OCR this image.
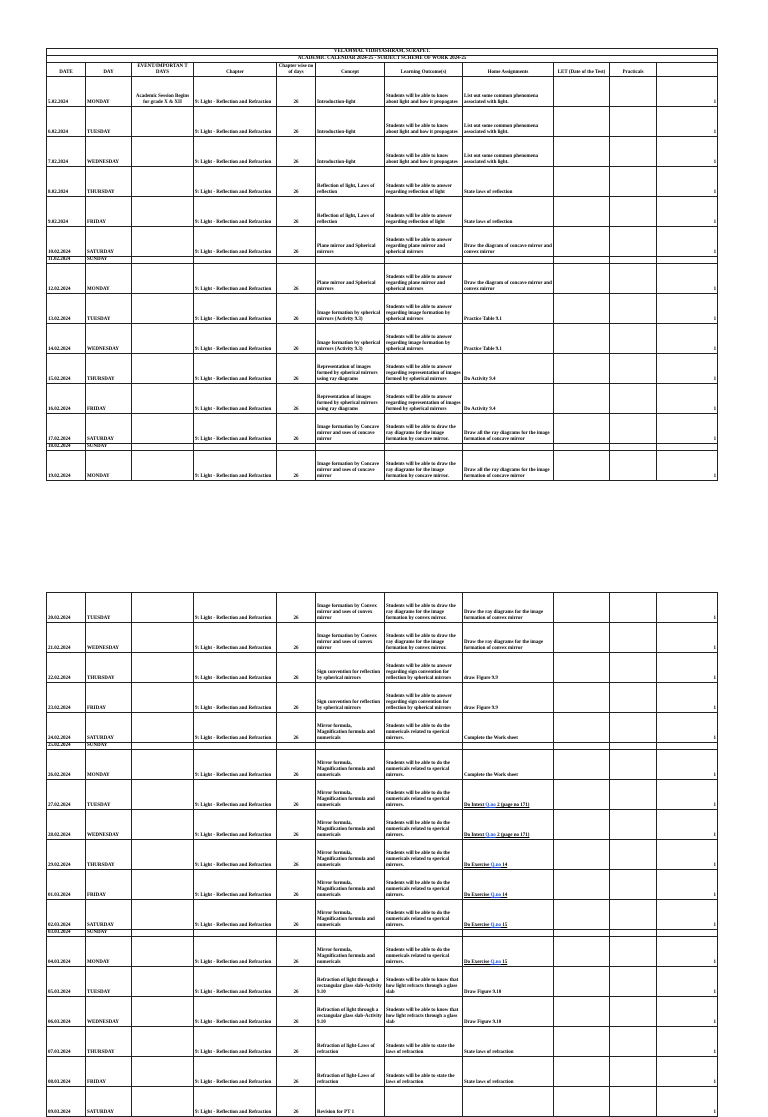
VELAMMAL VIDHYASHRAM, SURAPET.										
ACADEMIC CALENDAR 2024-25 - SUBJECT SCHEME OF WORK 2024-25										
DATE	DAY	EVENT/IMPORTAN T DAYS	Chapter	Chapter wise no of days	Concept	Learning Outcome(s)	Home Assignments	LET (Date of the Test)	Practicals	
5.02.2024	MONDAY	Academic Session Begins for grade X & XII	9: Light - Reflection and Refraction	26	Introduction-light	Students will be able to know about light and how it propagates	List out some common phenomena associated with light.			1
6.02.2024	TUESDAY		9: Light - Reflection and Refraction	26	Introduction-light	Students will be able to know about light and how it propagates	List out some common phenomena associated with light.			1
7.02.2024	WEDNESDAY		9: Light - Reflection and Refraction	26	Introduction-light	Students will be able to know about light and how it propagates	List out some common phenomena associated with light.			1
8.02.2024	THURSDAY		9: Light - Reflection and Refraction	26	Reflection of light, Laws of reflection	Students will be able to answer regarding reflection of light	State laws of reflection			1
9.02.2024	FRIDAY		9: Light - Reflection and Refraction	26	Reflection of light, Laws of reflection	Students will be able to answer regarding reflection of light	State laws of reflection			1
10.02.2024	SATURDAY		9: Light - Reflection and Refraction	26	Plane mirror and Spherical mirrors	Students will be able to answer regarding plane mirror and spherical mirrors	Draw the diagram of concave mirror and convex mirror			1
11.02.2024	SUNDAY									
12.02.2024	MONDAY		9: Light - Reflection and Refraction	26	Plane mirror and Spherical mirrors	Students will be able to answer regarding plane mirror and spherical mirrors	Draw the diagram of concave mirror and convex mirror			1
13.02.2024	TUESDAY		9: Light - Reflection and Refraction	26	Image formation by spherical mirrors (Activity 9.3)	Students will be able to answer regarding image formation by spherical mirrors	Practice Table 9.1			1
14.02.2024	WEDNESDAY		9: Light - Reflection and Refraction	26	Image formation by spherical mirrors (Activity 9.3)	Students will be able to answer regarding image formation by spherical mirrors	Practice Table 9.1			1
15.02.2024	THURSDAY		9: Light - Reflection and Refraction	26	Representation of images formed by spherical mirrors using ray diagrams	Students will be able to answer regarding representation of images formed by spherical mirrors	Do Activity 9.4			1
16.02.2024	FRIDAY		9: Light - Reflection and Refraction	26	Representation of images formed by spherical mirrors using ray diagrams	Students will be able to answer regarding representation of images formed by spherical mirrors	Do Activity 9.4			1
17.02.2024	SATURDAY		9: Light - Reflection and Refraction	26	Image formation by Concave mirror and uses of concave mirror	Students will be able to draw the ray diagrams for the image formation by concave mirror.	Draw all the ray diagrams for the image formation of concave mirror			1
18.02.2024	SUNDAY									
19.02.2024	MONDAY		9: Light - Reflection and Refraction	26	Image formation by Concave mirror and uses of concave mirror	Students will be able to draw the ray diagrams for the image formation by concave mirror.	Draw all the ray diagrams for the image formation of concave mirror			1
20.02.2024	TUESDAY		9: Light - Reflection and Refraction	26	Image formation by Convex mirror and uses of convex mirror	Students will be able to draw the ray diagrams for the image formation by convex mirror.	Draw the ray diagrams for the image formation of convex mirror			1
21.02.2024	WEDNESDAY		9: Light - Reflection and Refraction	26	Image formation by Convex mirror and uses of convex mirror	Students will be able to draw the ray diagrams for the image formation by convex mirror.	Draw the ray diagrams for the image formation of convex mirror			1
22.02.2024	THURSDAY		9: Light - Reflection and Refraction	26	Sign convention for reflection by spherical mirrors	Students will be able to answer regarding sign convention for reflection by spherical mirrors	draw Figure 9.9			1
23.02.2024	FRIDAY		9: Light - Reflection and Refraction	26	Sign convention for reflection by spherical mirrors	Students will be able to answer regarding sign convention for reflection by spherical mirrors	draw Figure 9.9			1
24.02.2024	SATURDAY		9: Light - Reflection and Refraction	26	Mirror formula, Magnification formula and numericals	Students will be able to do the numericals related to sperical mirrors.	Complete the Work sheet			1
25.02.2024	SUNDAY									
26.02.2024	MONDAY		9: Light - Reflection and Refraction	26	Mirror formula, Magnification formula and numericals	Students will be able to do the numericals related to sperical mirrors.	Complete the Work sheet			1
27.02.2024	TUESDAY		9: Light - Reflection and Refraction	26	Mirror formula, Magnification formula and numericals	Students will be able to do the numericals related to sperical mirrors.	Do Intext Q.no 2 (page no 171)			1
28.02.2024	WEDNESDAY		9: Light - Reflection and Refraction	26	Mirror formula, Magnification formula and numericals	Students will be able to do the numericals related to sperical mirrors.	Do Intext Q.no 2 (page no 171)			1
29.02.2024	THURSDAY		9: Light - Reflection and Refraction	26	Mirror formula, Magnification formula and numericals	Students will be able to do the numericals related to sperical mirrors.	Do Exercise Q.no 14			1
01.03.2024	FRIDAY		9: Light - Reflection and Refraction	26	Mirror formula, Magnification formula and numericals	Students will be able to do the numericals related to sperical mirrors.	Do Exercise Q.no 14			1
02.03.2024	SATURDAY		9: Light - Reflection and Refraction	26	Mirror formula, Magnification formula and numericals	Students will be able to do the numericals related to sperical mirrors.	Do Exercise Q.no 15			1
03.03.2024	SUNDAY									
04.03.2024	MONDAY		9: Light - Reflection and Refraction	26	Mirror formula, Magnification formula and numericals	Students will be able to do the numericals related to sperical mirrors.	Do Exercise Q.no 15			1
05.03.2024	TUESDAY		9: Light - Reflection and Refraction	26	Refraction of light through a rectangular glass slab-Activity 9.10	Students will be able to know that how light refracts through a glass slab	Draw Figure 9.10			1
06.03.2024	WEDNESDAY		9: Light - Reflection and Refraction	26	Refraction of light through a rectangular glass slab-Activity 9.10	Students will be able to know that how light refracts through a glass slab	Draw Figure 9.10			1
07.03.2024	THURSDAY		9: Light - Reflection and Refraction	26	Refraction of light-Laws of refraction	Students will be able to state the laws of refraction	State laws of refraction			1
08.03.2024	FRIDAY		9: Light - Reflection and Refraction	26	Refraction of light-Laws of refraction	Students will be able to state the laws of refraction	State laws of refraction			1
09.03.2024	SATURDAY		9: Light - Reflection and Refraction	26	Revision for PT 1					1
